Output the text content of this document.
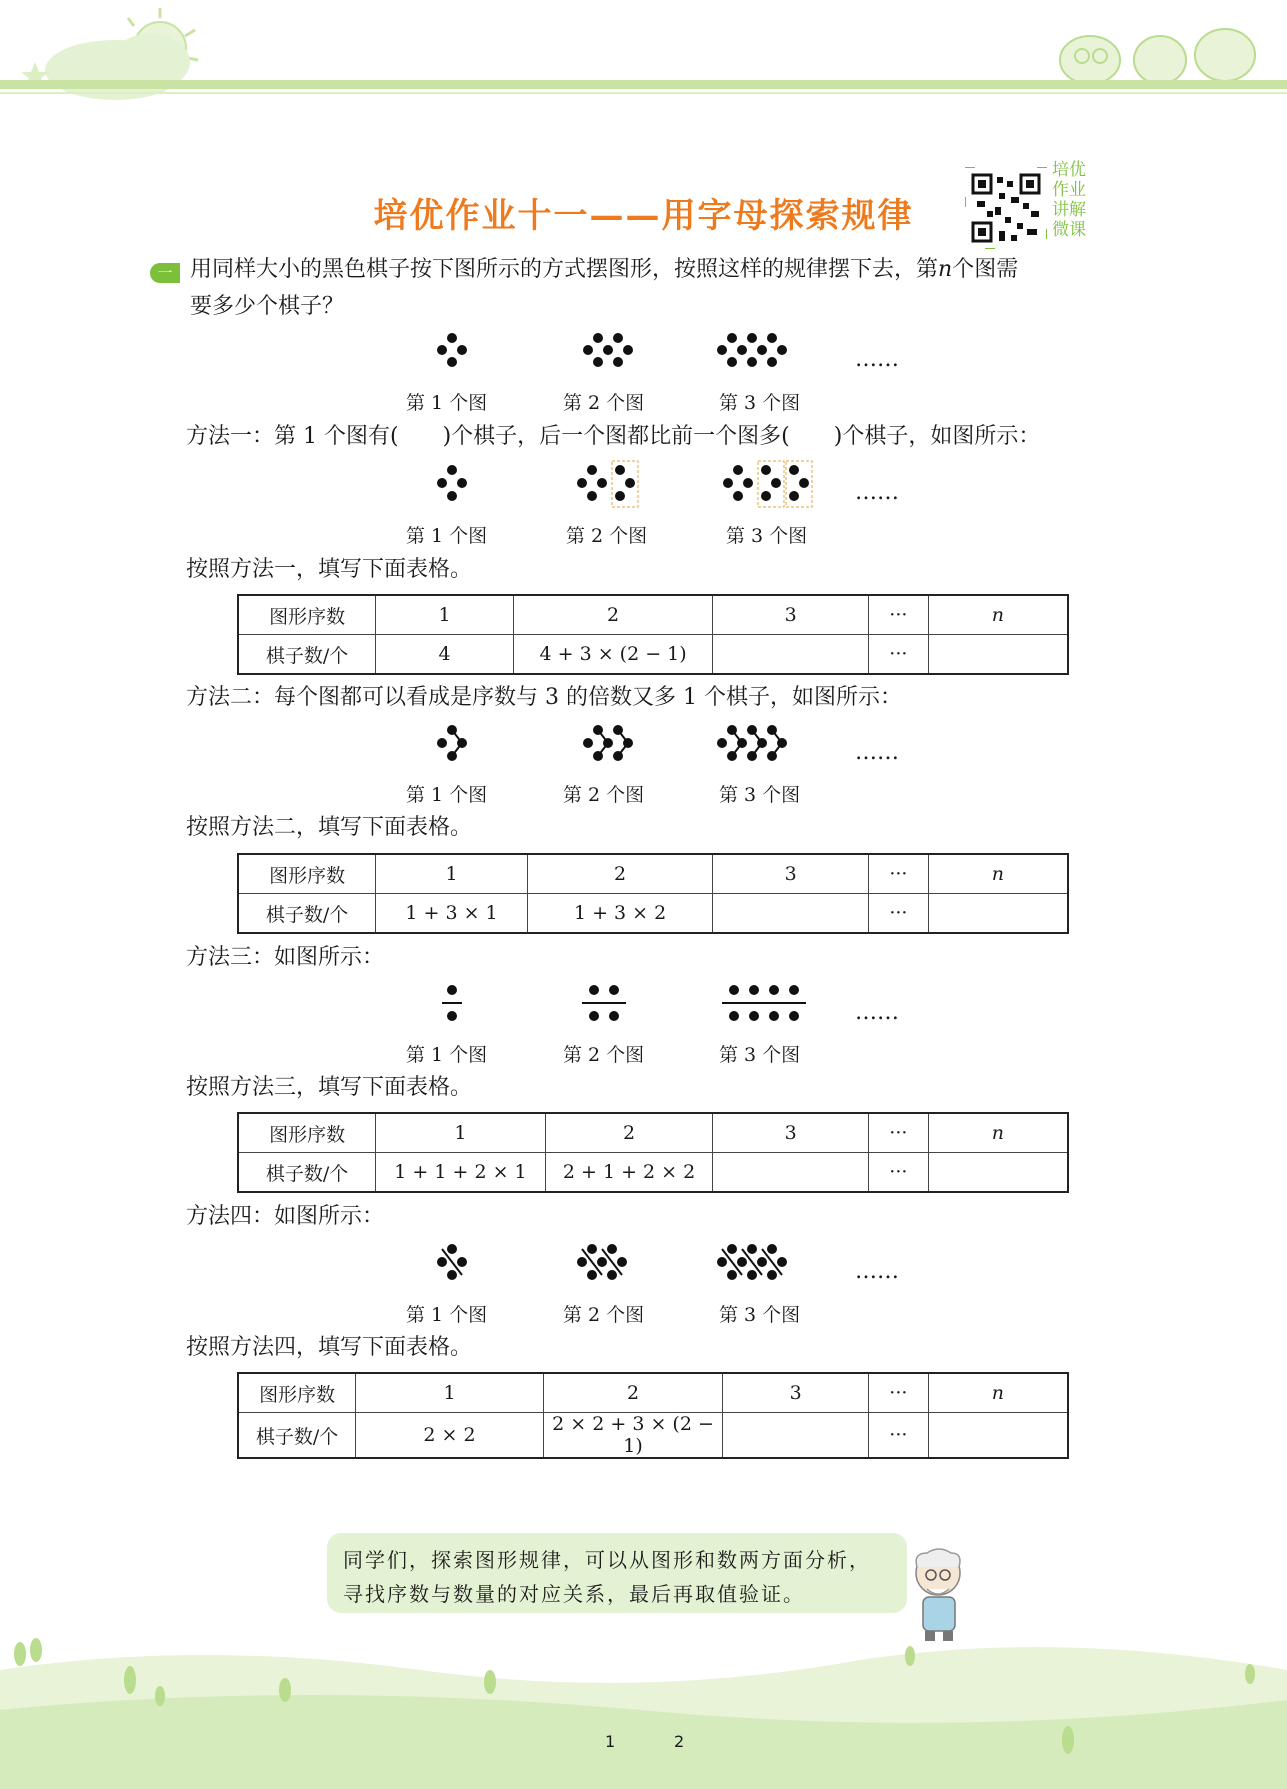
培优作业十一——用字母探索规律
培优作业讲解微课
一 用同样大小的黑色棋子按下图所示的方式摆图形，按照这样的规律摆下去，第n个图需
要多少个棋子？
……
第 1 个图	第 2 个图	第 3 个图
方法一：第 1 个图有(　　)个棋子，后一个图都比前一个图多(　　)个棋子，如图所示：
……
第 1 个图	第 2 个图	第 3 个图
按照方法一，填写下面表格。
图形序数	1	2	3	···	n
棋子数/个	4	4 + 3 × (2 − 1)		···	
方法二：每个图都可以看成是序数与 3 的倍数又多 1 个棋子，如图所示：
……
第 1 个图	第 2 个图	第 3 个图
按照方法二，填写下面表格。
图形序数	1	2	3	···	n
棋子数/个	1 + 3 × 1	1 + 3 × 2		···	
方法三：如图所示：
……
第 1 个图	第 2 个图	第 3 个图
按照方法三，填写下面表格。
图形序数	1	2	3	···	n
棋子数/个	1 + 1 + 2 × 1	2 + 1 + 2 × 2		···	
方法四：如图所示：
……
第 1 个图	第 2 个图	第 3 个图
按照方法四，填写下面表格。
图形序数	1	2	3	···	n
棋子数/个	2 × 2	2 × 2 + 3 × (2 − 1)		···	
同学们，探索图形规律，可以从图形和数两方面分析，
寻找序数与数量的对应关系，最后再取值验证。
1	2
